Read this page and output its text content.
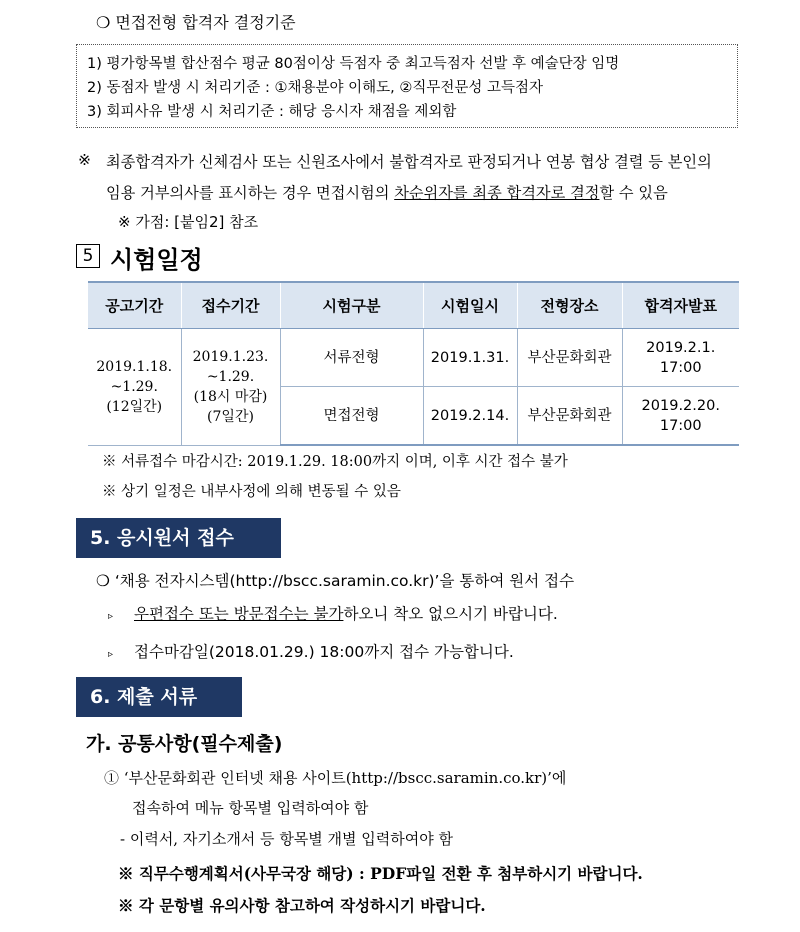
❍ 면접전형 합격자 결정기준
1) 평가항목별 합산점수 평균 80점이상 득점자 중 최고득점자 선발 후 예술단장 임명
2) 동점자 발생 시 처리기준 : ①채용분야 이해도, ②직무전문성 고득점자
3) 회피사유 발생 시 처리기준 : 해당 응시자 채점을 제외함
※ 최종합격자가 신체검사 또는 신원조사에서 불합격자로 판정되거나 연봉 협상 결렬 등 본인의
임용 거부의사를 표시하는 경우 면접시험의 차순위자를 최종 합격자로 결정할 수 있음
※ 가점: [붙임2] 참조
5 시험일정
공고기간	접수기간	시험구분	시험일시	전형장소	합격자발표
2019.1.18.
~1.29.
(12일간)	2019.1.23.
~1.29.
(18시 마감)
(7일간)	서류전형	2019.1.31.	부산문화회관	2019.2.1.
17:00
		면접전형	2019.2.14.	부산문화회관	2019.2.20.
17:00
※ 서류접수 마감시간: 2019.1.29. 18:00까지 이며, 이후 시간 접수 불가
※ 상기 일정은 내부사정에 의해 변동될 수 있음
5. 응시원서 접수
❍ ‘채용 전자시스템(http://bscc.saramin.co.kr)’을 통하여 원서 접수
▹ 우편접수 또는 방문접수는 불가하오니 착오 없으시기 바랍니다.
▹ 접수마감일(2018.01.29.) 18:00까지 접수 가능합니다.
6. 제출 서류
가. 공통사항(필수제출)
① ‘부산문화회관 인터넷 채용 사이트(http://bscc.saramin.co.kr)’에
접속하여 메뉴 항목별 입력하여야 함
- 이력서, 자기소개서 등 항목별 개별 입력하여야 함
※ 직무수행계획서(사무국장 해당) : PDF파일 전환 후 첨부하시기 바랍니다.
※ 각 문항별 유의사항 참고하여 작성하시기 바랍니다.
